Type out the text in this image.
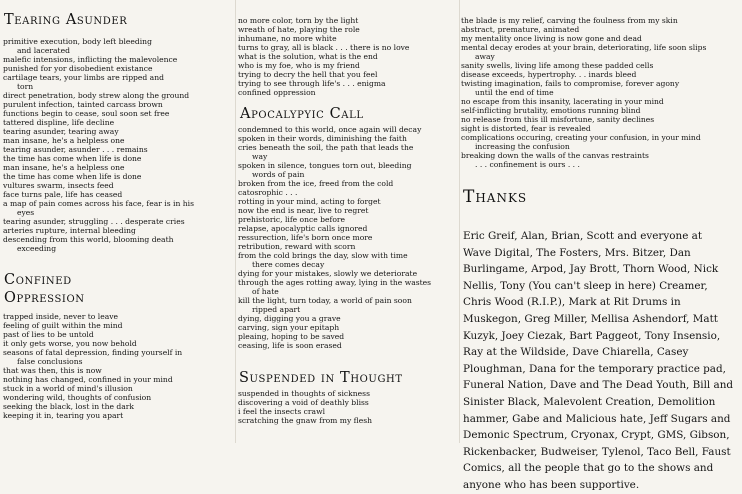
Tearing Asunder
primitive execution, body left bleeding
and lacerated
malefic intensions, inflicting the malevolence
punished for yor disobedient existance
cartilage tears, your limbs are ripped and
torn
direct penetration, body strew along the ground
purulent infection, tainted carcass brown
functions begin to cease, soul soon set free
tattered displine, life decline
tearing asunder, tearing away
man insane, he's a helpless one
tearing asunder, asunder . . . remains
the time has come when life is done
man insane, he's a helpless one
the time has come when life is done
vultures swarm, insects feed
face turns pale, life has ceased
a map of pain comes across his face, fear is in his
eyes
tearing asunder, struggling . . . desperate cries
arteries rupture, internal bleeding
descending from this world, blooming death
exceeding
Confined
Oppression
trapped inside, never to leave
feeling of guilt within the mind
past of lies to be untold
it only gets worse, you now behold
seasons of fatal depression, finding yourself in
false conclusions
that was then, this is now
nothing has changed, confined in your mind
stuck in a world of mind's illusion
wondering wild, thoughts of confusion
seeking the black, lost in the dark
keeping it in, tearing you apart
no more color, torn by the light
wreath of hate, playing the role
inhumane, no more white
turns to gray, all is black . . . there is no love
what is the solution, what is the end
who is my foe, who is my friend
trying to decry the hell that you feel
trying to see through life's . . . enigma
confined oppression
Apocalypyic Call
condemned to this world, once again will decay
spoken in their words, diminishing the faith
cries beneath the soil, the path that leads the
way
spoken in silence, tongues torn out, bleeding
words of pain
broken from the ice, freed from the cold
catosrophic . . .
rotting in your mind, acting to forget
now the end is near, live to regret
prehistoric, life once before
relapse, apocalyptic calls ignored
ressurection, life's born once more
retribution, reward with scorn
from the cold brings the day, slow with time
there comes decay
dying for your mistakes, slowly we deteriorate
through the ages rotting away, lying in the wastes
of hate
kill the light, turn today, a world of pain soon
ripped apart
dying, digging you a grave
carving, sign your epitaph
pleaing, hoping to be saved
ceasing, life is soon erased
Suspended in Thought
suspended in thoughts of sickness
discovering a void of deathly bliss
i feel the insects crawl
scratching the gnaw from my flesh
the blade is my relief, carving the foulness from my skin
abstract, premature, animated
my mentality once living is now gone and dead
mental decay erodes at your brain, deteriorating, life soon slips
away
sanity swells, living life among these padded cells
disease exceeds, hypertrophy. . . inards bleed
twisting imagination, fails to compromise, forever agony
until the end of time
no escape from this insanity, lacerating in your mind
self-inflicting brutality, emotions running blind
no release from this ill misfortune, sanity declines
sight is distorted, fear is revealed
complications occuring, creating your confusion, in your mind
increasing the confusion
breaking down the walls of the canvas restraints
. . . confinement is ours . . .
Thanks
Eric Greif, Alan, Brian, Scott and everyone at
Wave Digital, The Fosters, Mrs. Bitzer, Dan
Burlingame, Arpod, Jay Brott, Thorn Wood, Nick
Nellis, Tony (You can't sleep in here) Creamer,
Chris Wood (R.I.P.), Mark at Rit Drums in
Muskegon, Greg Miller, Mellisa Ashendorf, Matt
Kuzyk, Joey Ciezak, Bart Paggeot, Tony Insensio,
Ray at the Wildside, Dave Chiarella, Casey
Ploughman, Dana for the temporary practice pad,
Funeral Nation, Dave and The Dead Youth, Bill and
Sinister Black, Malevolent Creation, Demolition
hammer, Gabe and Malicious hate, Jeff Sugars and
Demonic Spectrum, Cryonax, Crypt, GMS, Gibson,
Rickenbacker, Budweiser, Tylenol, Taco Bell, Faust
Comics, all the people that go to the shows and
anyone who has been supportive.
